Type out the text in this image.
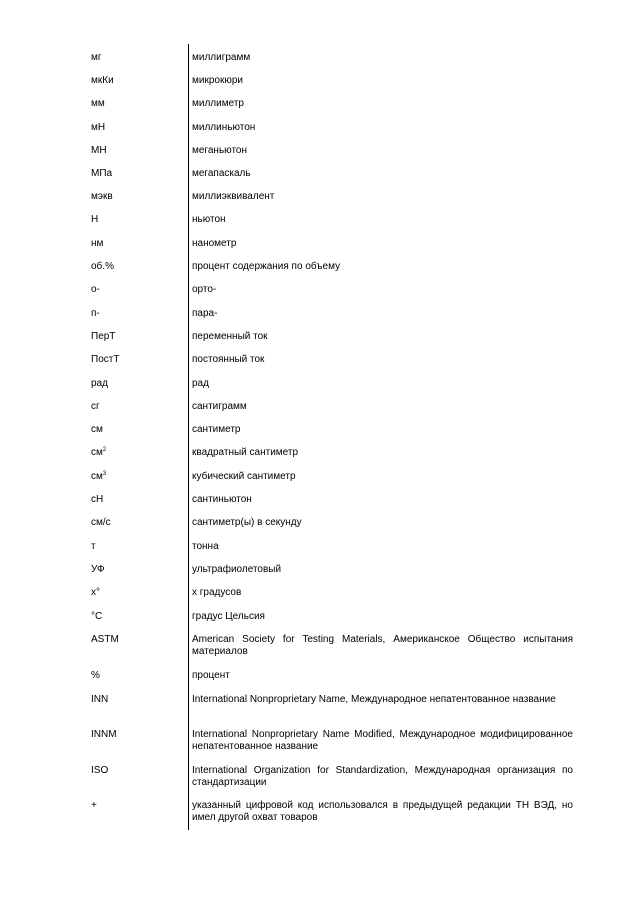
мг	миллиграмм
мкКи	микрокюри
мм	миллиметр
мН	миллиньютон
МН	меганьютон
МПа	мегапаскаль
мэкв	миллиэквивалент
Н	ньютон
нм	нанометр
об.%	процент содержания по объему
о-	орто-
п-	пара-
ПерТ	переменный ток
ПостТ	постоянный ток
рад	рад
сг	сантиграмм
см	сантиметр
$см^2$	квадратный сантиметр
$см^3$	кубический сантиметр
сН	сантиньютон
см/с	сантиметр(ы) в секунду
т	тонна
УФ	ультрафиолетовый
x°	x градусов
°С	градус Цельсия
ASTM	American Society for Testing Materials, Американское Общество испытания материалов
%	процент
INN	International Nonproprietary Name, Международное непатентованное название
INNM	International Nonproprietary Name Modified, Международное модифицированное непатентованное название
ISO	International Organization for Standardization, Международная организация по стандартизации
+	указанный цифровой код использовался в предыдущей редакции ТН ВЭД, но имел другой охват товаров
